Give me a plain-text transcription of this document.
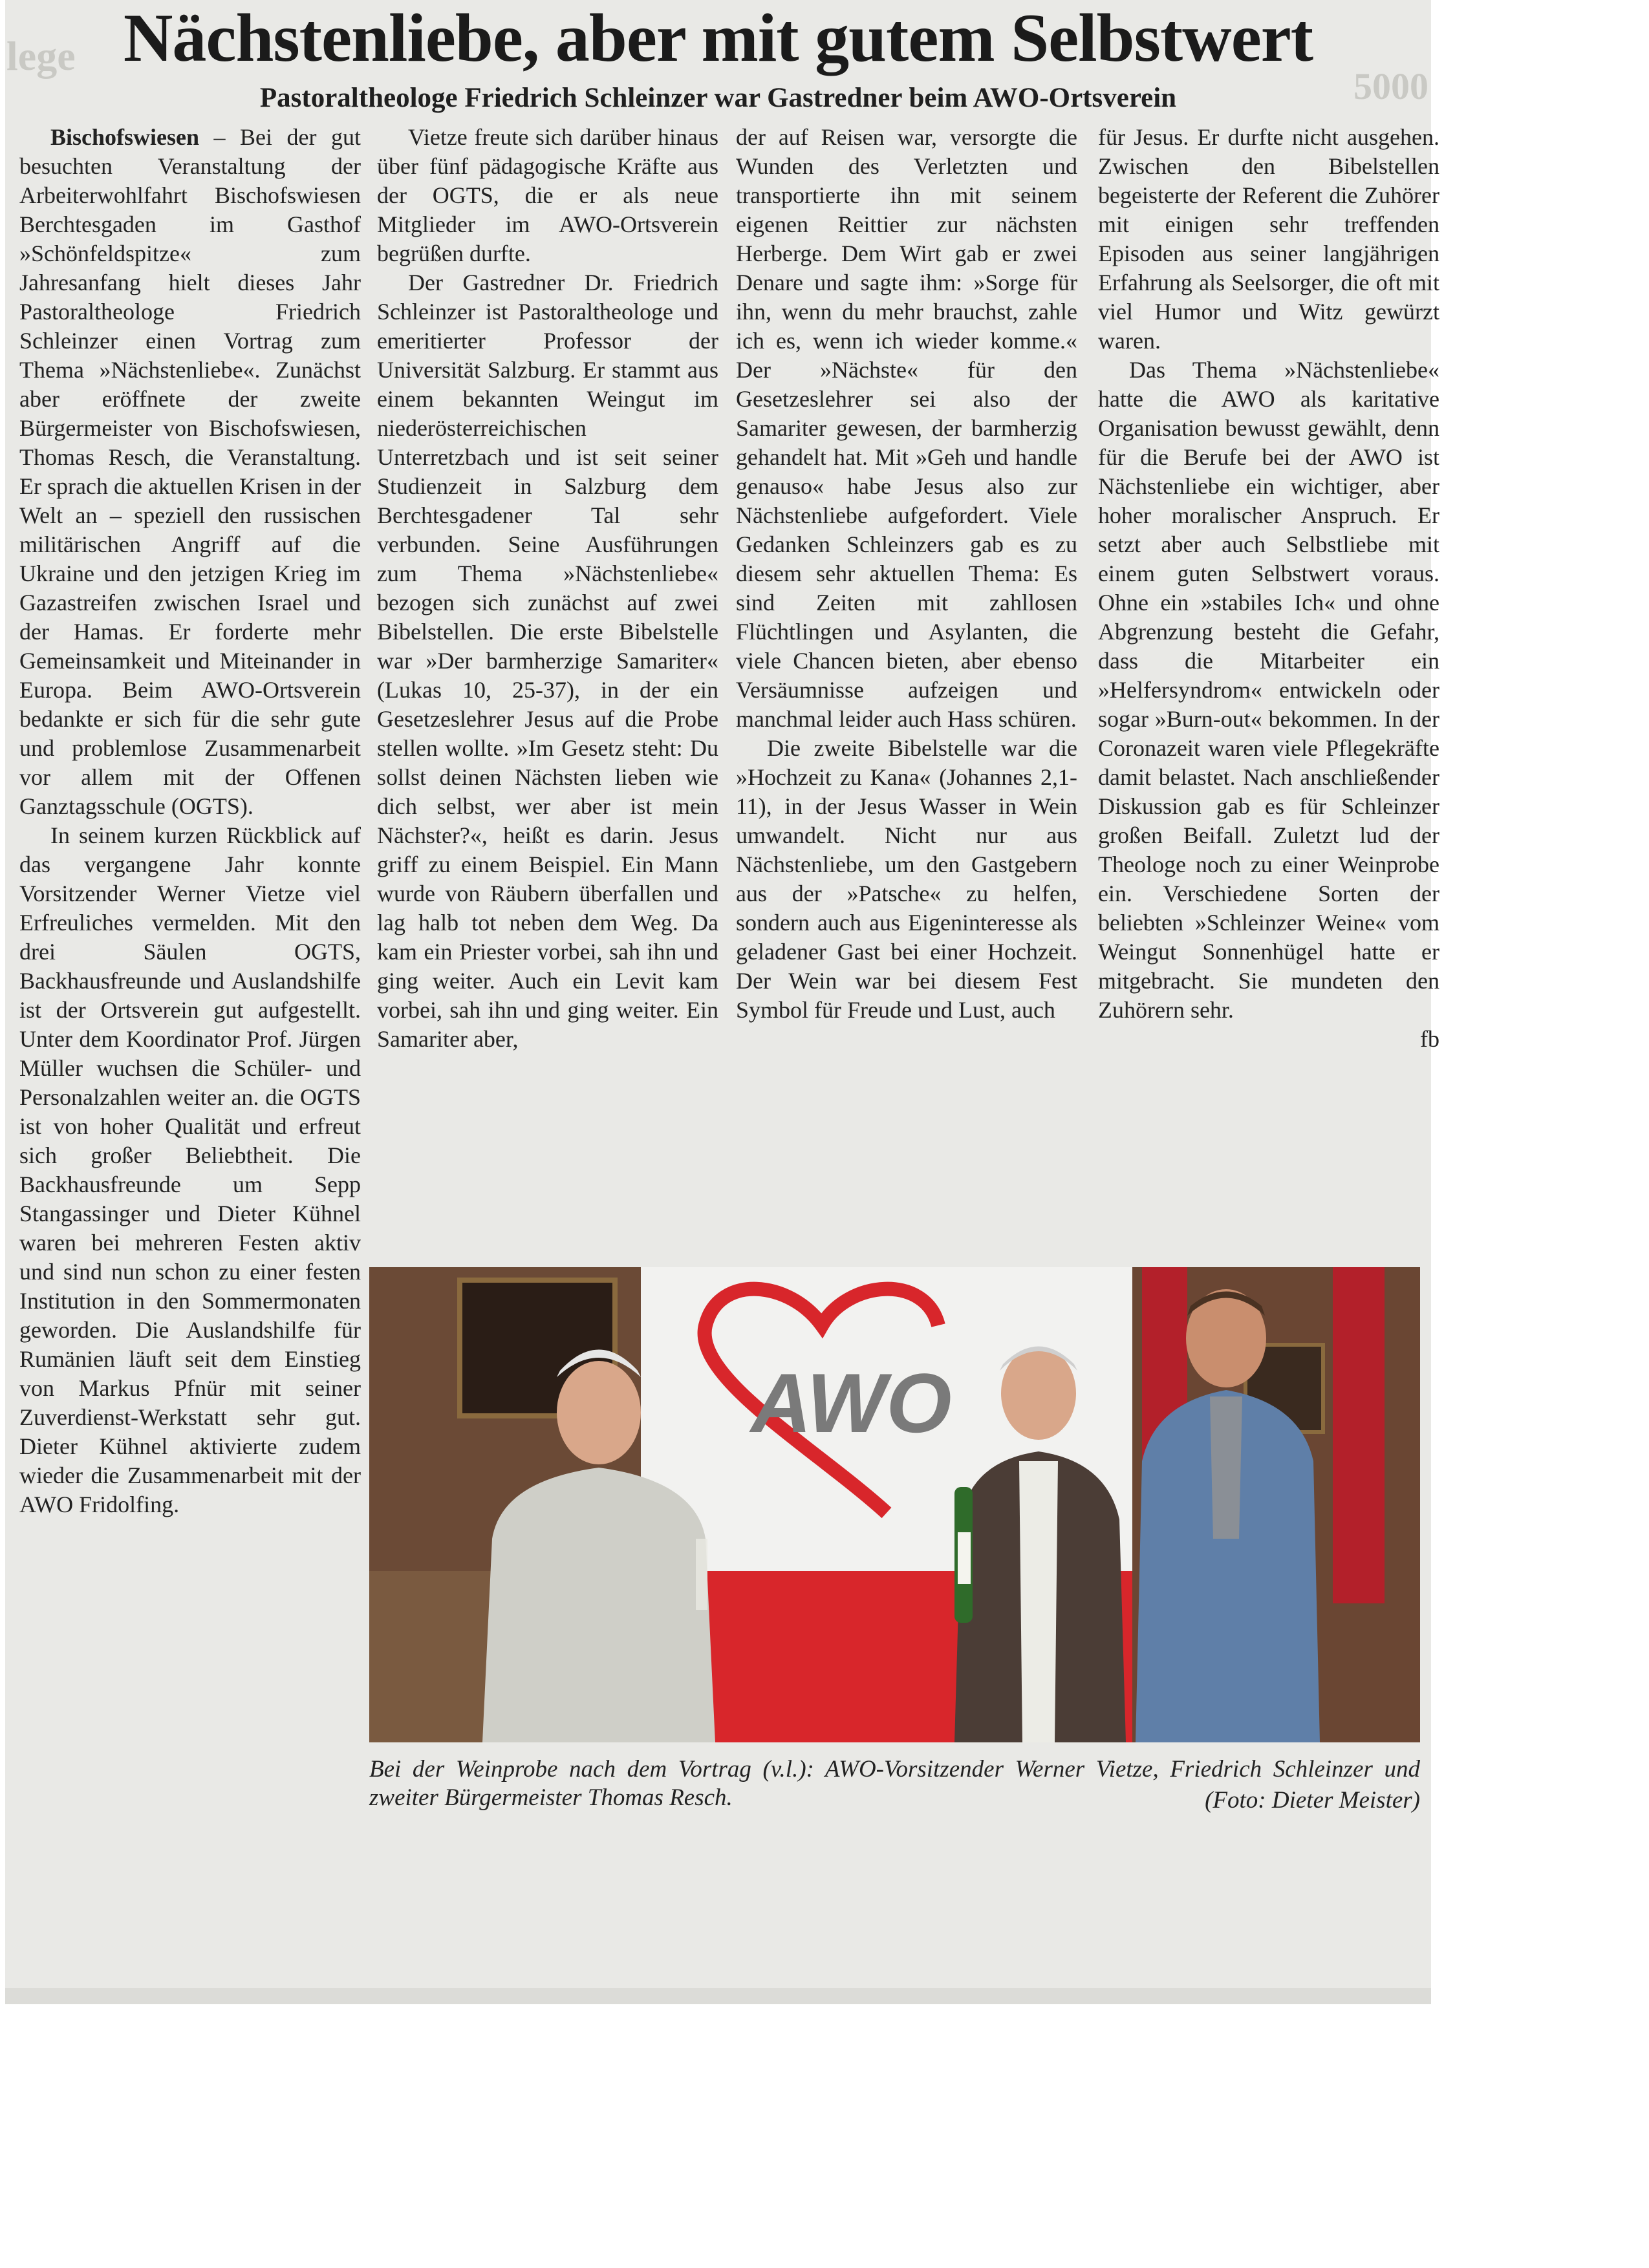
lege
5000
Nächstenliebe, aber mit gutem Selbstwert
Pastoraltheologe Friedrich Schleinzer war Gastredner beim AWO-Ortsverein

Bischofswiesen – Bei der gut besuchten Veranstaltung der Arbeiterwohlfahrt Bischofswiesen Berchtesgaden im Gasthof »Schönfeldspitze« zum Jahresanfang hielt dieses Jahr Pastoraltheologe Friedrich Schleinzer einen Vortrag zum Thema »Nächstenliebe«. Zunächst aber eröffnete der zweite Bürgermeister von Bischofswiesen, Thomas Resch, die Veranstaltung. Er sprach die aktuellen Krisen in der Welt an – speziell den russischen militärischen Angriff auf die Ukraine und den jetzigen Krieg im Gazastreifen zwischen Israel und der Hamas. Er forderte mehr Gemeinsamkeit und Miteinander in Europa. Beim AWO-Ortsverein bedankte er sich für die sehr gute und problemlose Zusammenarbeit vor allem mit der Offenen Ganztagsschule (OGTS).

In seinem kurzen Rückblick auf das vergangene Jahr konnte Vorsitzender Werner Vietze viel Erfreuliches vermelden. Mit den drei Säulen OGTS, Backhausfreunde und Auslandshilfe ist der Ortsverein gut aufgestellt. Unter dem Koordinator Prof. Jürgen Müller wuchsen die Schüler- und Personalzahlen weiter an. die OGTS ist von hoher Qualität und erfreut sich großer Beliebtheit. Die Backhausfreunde um Sepp Stangassinger und Dieter Kühnel waren bei mehreren Festen aktiv und sind nun schon zu einer festen Institution in den Sommermonaten geworden. Die Auslandshilfe für Rumänien läuft seit dem Einstieg von Markus Pfnür mit seiner Zuverdienst-Werkstatt sehr gut. Dieter Kühnel aktivierte zudem wieder die Zusammenarbeit mit der AWO Fridolfing.

Vietze freute sich darüber hinaus über fünf pädagogische Kräfte aus der OGTS, die er als neue Mitglieder im AWO-Ortsverein begrüßen durfte.

Der Gastredner Dr. Friedrich Schleinzer ist Pastoraltheologe und emeritierter Professor der Universität Salzburg. Er stammt aus einem bekannten Weingut im niederösterreichischen Unterretzbach und ist seit seiner Studienzeit in Salzburg dem Berchtesgadener Tal sehr verbunden. Seine Ausführungen zum Thema »Nächstenliebe« bezogen sich zunächst auf zwei Bibelstellen. Die erste Bibelstelle war »Der barmherzige Samariter« (Lukas 10, 25-37), in der ein Gesetzeslehrer Jesus auf die Probe stellen wollte. »Im Gesetz steht: Du sollst deinen Nächsten lieben wie dich selbst, wer aber ist mein Nächster?«, heißt es darin. Jesus griff zu einem Beispiel. Ein Mann wurde von Räubern überfallen und lag halb tot neben dem Weg. Da kam ein Priester vorbei, sah ihn und ging weiter. Auch ein Levit kam vorbei, sah ihn und ging weiter. Ein Samariter aber,

der auf Reisen war, versorgte die Wunden des Verletzten und transportierte ihn mit seinem eigenen Reittier zur nächsten Herberge. Dem Wirt gab er zwei Denare und sagte ihm: »Sorge für ihn, wenn du mehr brauchst, zahle ich es, wenn ich wieder komme.« Der »Nächste« für den Gesetzeslehrer sei also der Samariter gewesen, der barmherzig gehandelt hat. Mit »Geh und handle genauso« habe Jesus also zur Nächstenliebe aufgefordert. Viele Gedanken Schleinzers gab es zu diesem sehr aktuellen Thema: Es sind Zeiten mit zahllosen Flüchtlingen und Asylanten, die viele Chancen bieten, aber ebenso Versäumnisse aufzeigen und manchmal leider auch Hass schüren.

Die zweite Bibelstelle war die »Hochzeit zu Kana« (Johannes 2,1-11), in der Jesus Wasser in Wein umwandelt. Nicht nur aus Nächstenliebe, um den Gastgebern aus der »Patsche« zu helfen, sondern auch aus Eigeninteresse als geladener Gast bei einer Hochzeit. Der Wein war bei diesem Fest Symbol für Freude und Lust, auch

für Jesus. Er durfte nicht ausgehen. Zwischen den Bibelstellen begeisterte der Referent die Zuhörer mit einigen sehr treffenden Episoden aus seiner langjährigen Erfahrung als Seelsorger, die oft mit viel Humor und Witz gewürzt waren.

Das Thema »Nächstenliebe« hatte die AWO als karitative Organisation bewusst gewählt, denn für die Berufe bei der AWO ist Nächstenliebe ein wichtiger, aber hoher moralischer Anspruch. Er setzt aber auch Selbstliebe mit einem guten Selbstwert voraus. Ohne ein »stabiles Ich« und ohne Abgrenzung besteht die Gefahr, dass die Mitarbeiter ein »Helfersyndrom« entwickeln oder sogar »Burn-out« bekommen. In der Coronazeit waren viele Pflegekräfte damit belastet. Nach anschließender Diskussion gab es für Schleinzer großen Beifall. Zuletzt lud der Theologe noch zu einer Weinprobe ein. Verschiedene Sorten der beliebten »Schleinzer Weine« vom Weingut Sonnenhügel hatte er mitgebracht. Sie mundeten den Zuhörern sehr.

fb
AWO
Bei der Weinprobe nach dem Vortrag (v.l.): AWO-Vorsitzender Werner Vietze, Friedrich Schleinzer und zweiter Bürgermeister Thomas Resch.	(Foto: Dieter Meister)
